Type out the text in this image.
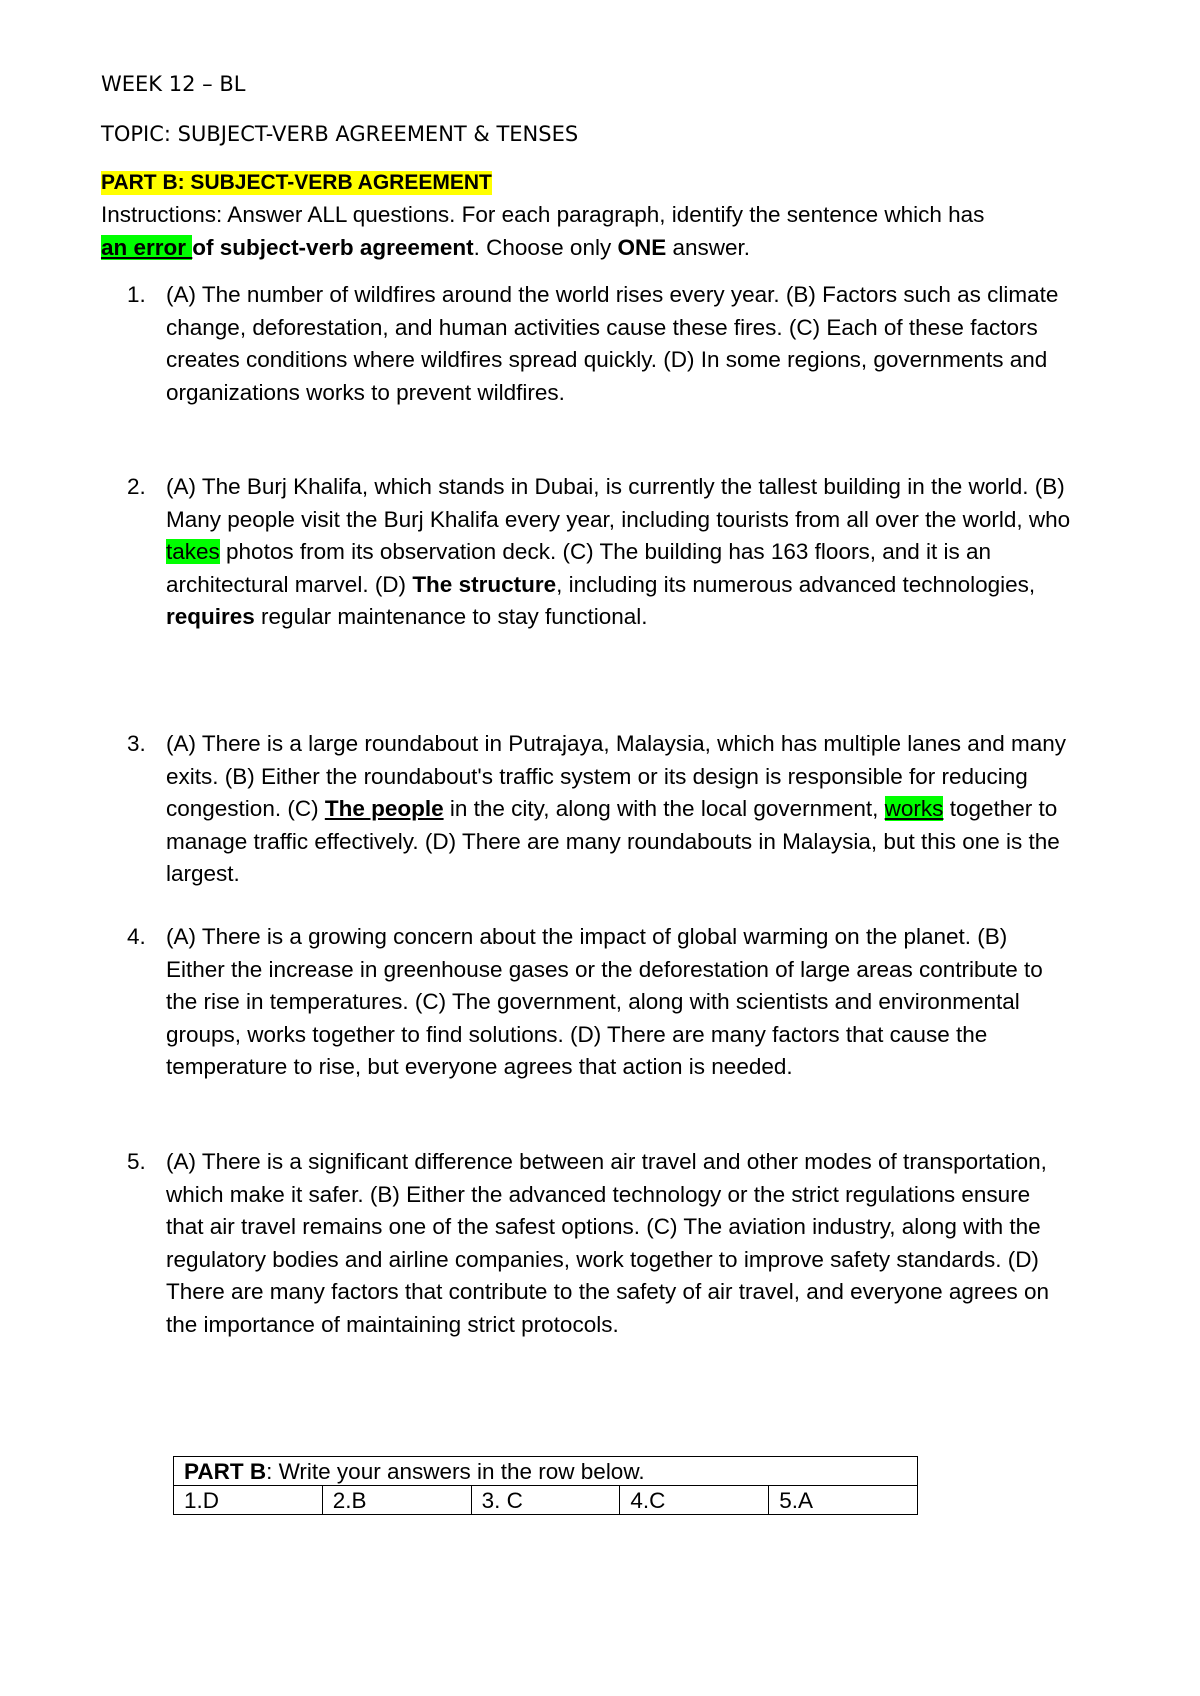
WEEK 12 – BL
TOPIC: SUBJECT-VERB AGREEMENT & TENSES
PART B: SUBJECT-VERB AGREEMENT
Instructions: Answer ALL questions. For each paragraph, identify the sentence which has
an error of subject-verb agreement. Choose only ONE answer.
1. (A) The number of wildfires around the world rises every year. (B) Factors such as climate change, deforestation, and human activities cause these fires. (C) Each of these factors creates conditions where wildfires spread quickly. (D) In some regions, governments and organizations works to prevent wildfires.
2. (A) The Burj Khalifa, which stands in Dubai, is currently the tallest building in the world. (B) Many people visit the Burj Khalifa every year, including tourists from all over the world, who takes photos from its observation deck. (C) The building has 163 floors, and it is an architectural marvel. (D) The structure, including its numerous advanced technologies, requires regular maintenance to stay functional.
3. (A) There is a large roundabout in Putrajaya, Malaysia, which has multiple lanes and many exits. (B) Either the roundabout's traffic system or its design is responsible for reducing congestion. (C) The people in the city, along with the local government, works together to manage traffic effectively. (D) There are many roundabouts in Malaysia, but this one is the largest.
4. (A) There is a growing concern about the impact of global warming on the planet. (B) Either the increase in greenhouse gases or the deforestation of large areas contribute to the rise in temperatures. (C) The government, along with scientists and environmental groups, works together to find solutions. (D) There are many factors that cause the temperature to rise, but everyone agrees that action is needed.
5. (A) There is a significant difference between air travel and other modes of transportation, which make it safer. (B) Either the advanced technology or the strict regulations ensure that air travel remains one of the safest options. (C) The aviation industry, along with the regulatory bodies and airline companies, work together to improve safety standards. (D) There are many factors that contribute to the safety of air travel, and everyone agrees on the importance of maintaining strict protocols.
PART B: Write your answers in the row below.
1.D	2.B	3. C	4.C	5.A
